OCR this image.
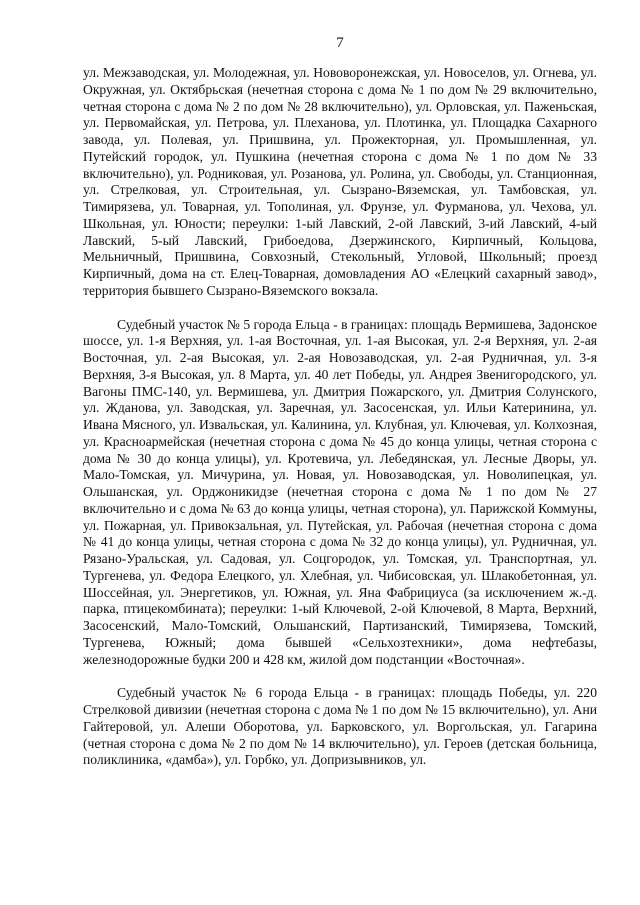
7

ул. Межзаводская, ул. Молодежная, ул. Нововоронежская, ул. Новоселов, ул. Огнева, ул. Окружная, ул. Октябрьская (нечетная сторона с дома № 1 по дом № 29 включительно, четная сторона с дома № 2 по дом № 28 включительно), ул. Орловская, ул. Паженьская, ул. Первомайская, ул. Петрова, ул. Плеханова, ул. Плотинка, ул. Площадка Сахарного завода, ул. Полевая, ул. Пришвина, ул. Прожекторная, ул. Промышленная, ул. Путейский городок, ул. Пушкина (нечетная сторона с дома № 1 по дом № 33 включительно), ул. Родниковая, ул. Розанова, ул. Ролина, ул. Свободы, ул. Станционная, ул. Стрелковая, ул. Строительная, ул. Сызрано-Вяземская, ул. Тамбовская, ул. Тимирязева, ул. Товарная, ул. Тополиная, ул. Фрунзе, ул. Фурманова, ул. Чехова, ул. Школьная, ул. Юности; переулки: 1-ый Лавский, 2-ой Лавский, 3-ий Лавский, 4-ый Лавский, 5-ый Лавский, Грибоедова, Дзержинского, Кирпичный, Кольцова, Мельничный, Пришвина, Совхозный, Стекольный, Угловой, Школьный; проезд Кирпичный, дома на ст. Елец-Товарная, домовладения АО «Елецкий сахарный завод», территория бывшего Сызрано-Вяземского вокзала.

Судебный участок № 5 города Ельца - в границах: площадь Вермишева, Задонское шоссе, ул. 1-я Верхняя, ул. 1-ая Восточная, ул. 1-ая Высокая, ул. 2-я Верхняя, ул. 2-ая Восточная, ул. 2-ая Высокая, ул. 2-ая Новозаводская, ул. 2-ая Рудничная, ул. 3-я Верхняя, 3-я Высокая, ул. 8 Марта, ул. 40 лет Победы, ул. Андрея Звенигородского, ул. Вагоны ПМС-140, ул. Вермишева, ул. Дмитрия Пожарского, ул. Дмитрия Солунского, ул. Жданова, ул. Заводская, ул. Заречная, ул. Засосенская, ул. Ильи Катеринина, ул. Ивана Мясного, ул. Извальская, ул. Калинина, ул. Клубная, ул. Ключевая, ул. Колхозная, ул. Красноармейская (нечетная сторона с дома № 45 до конца улицы, четная сторона с дома № 30 до конца улицы), ул. Кротевича, ул. Лебедянская, ул. Лесные Дворы, ул. Мало-Томская, ул. Мичурина, ул. Новая, ул. Новозаводская, ул. Новолипецкая, ул. Ольшанская, ул. Орджоникидзе (нечетная сторона с дома № 1 по дом № 27 включительно и с дома № 63 до конца улицы, четная сторона), ул. Парижской Коммуны, ул. Пожарная, ул. Привокзальная, ул. Путейская, ул. Рабочая (нечетная сторона с дома № 41 до конца улицы, четная сторона с дома № 32 до конца улицы), ул. Рудничная, ул. Рязано-Уральская, ул. Садовая, ул. Соцгородок, ул. Томская, ул. Транспортная, ул. Тургенева, ул. Федора Елецкого, ул. Хлебная, ул. Чибисовская, ул. Шлакобетонная, ул. Шоссейная, ул. Энергетиков, ул. Южная, ул. Яна Фабрициуса (за исключением ж.-д. парка, птицекомбината); переулки: 1-ый Ключевой, 2-ой Ключевой, 8 Марта, Верхний, Засосенский, Мало-Томский, Ольшанский, Партизанский, Тимирязева, Томский, Тургенева, Южный; дома бывшей «Сельхозтехники», дома нефтебазы, железнодорожные будки 200 и 428 км, жилой дом подстанции «Восточная».

Судебный участок № 6 города Ельца - в границах: площадь Победы, ул. 220 Стрелковой дивизии (нечетная сторона с дома № 1 по дом № 15 включительно), ул. Ани Гайтеровой, ул. Алеши Оборотова, ул. Барковского, ул. Воргольская, ул. Гагарина (четная сторона с дома № 2 по дом № 14 включительно), ул. Героев (детская больница, поликлиника, «дамба»), ул. Горбко, ул. Допризывников, ул.
